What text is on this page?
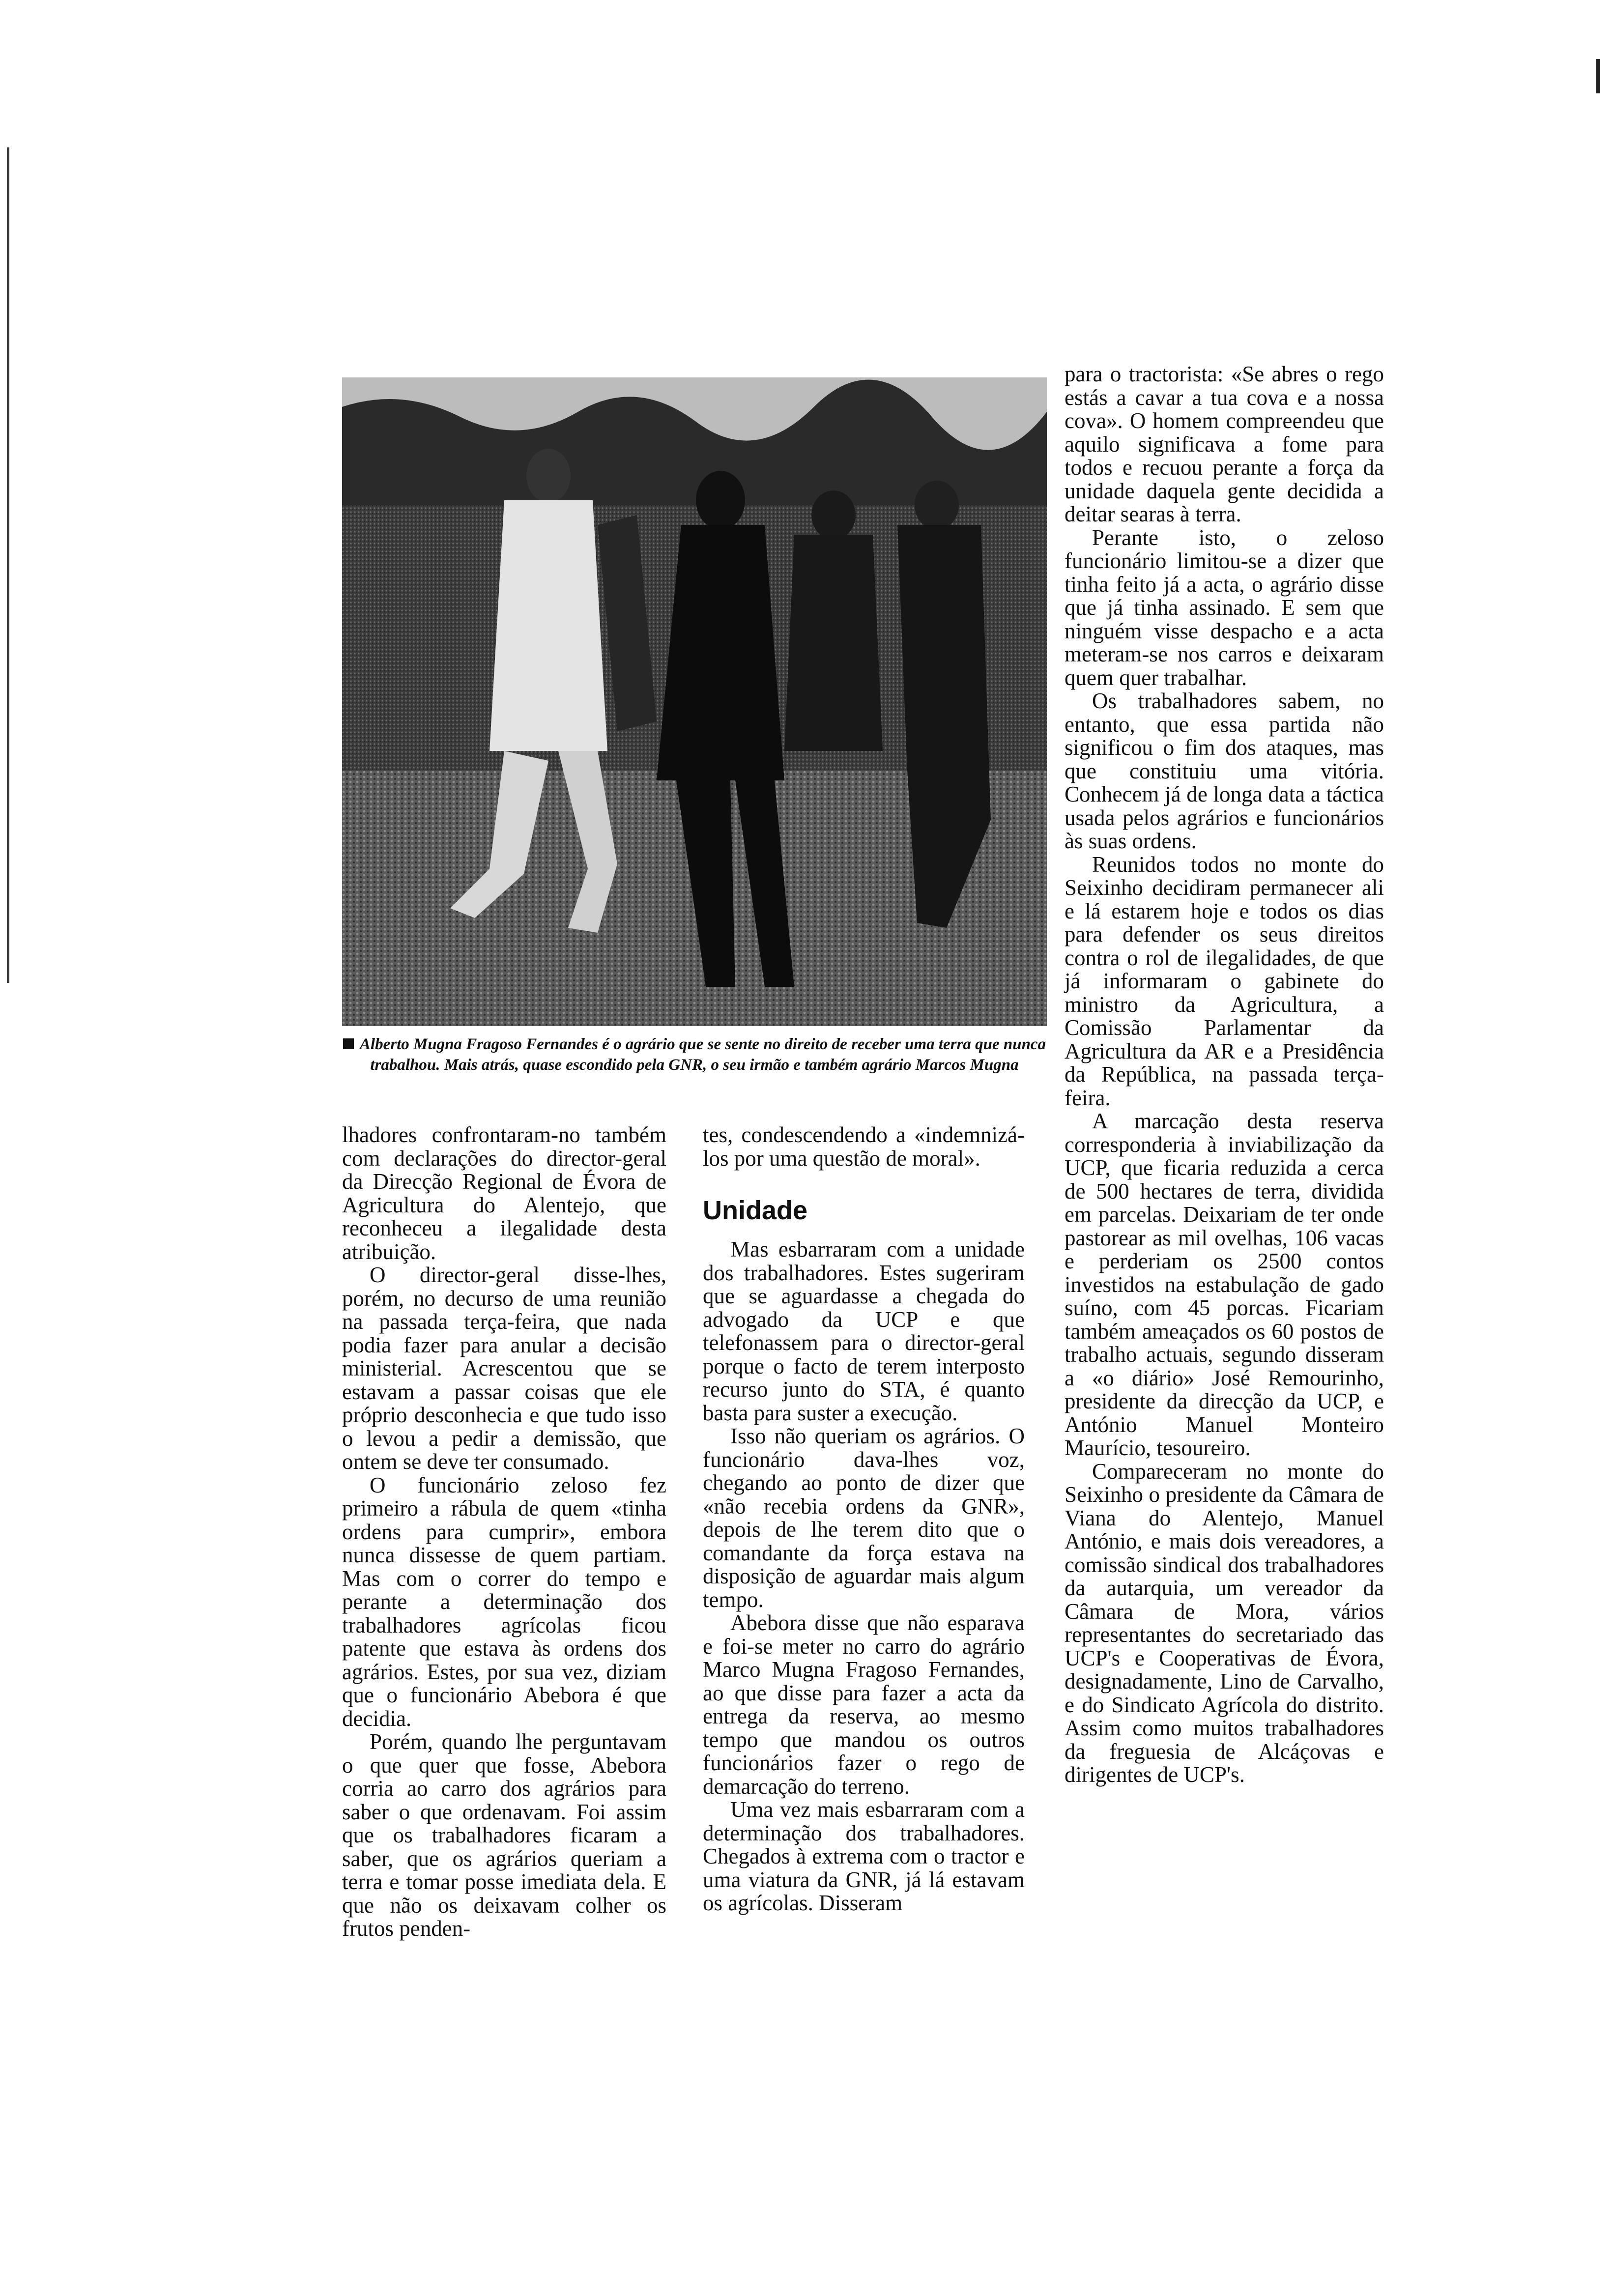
Alberto Mugna Fragoso Fernandes é o agrário que se sente no direito de receber uma terra que nunca trabalhou. Mais atrás, quase escondido pela GNR, o seu irmão e também agrário Marcos Mugna

lhadores confrontaram-no também com declarações do director-geral da Direcção Regional de Évora de Agricultura do Alentejo, que reconheceu a ilegalidade desta atribuição.

O director-geral disse-lhes, porém, no decurso de uma reunião na passada terça-feira, que nada podia fazer para anular a decisão ministerial. Acrescentou que se estavam a passar coisas que ele próprio desconhecia e que tudo isso o levou a pedir a demissão, que ontem se deve ter consumado.

O funcionário zeloso fez primeiro a rábula de quem «tinha ordens para cumprir», embora nunca dissesse de quem partiam. Mas com o correr do tempo e perante a determinação dos trabalhadores agrícolas ficou patente que estava às ordens dos agrários. Estes, por sua vez, diziam que o funcionário Abebora é que decidia.

Porém, quando lhe perguntavam o que quer que fosse, Abebora corria ao carro dos agrários para saber o que ordenavam. Foi assim que os trabalhadores ficaram a saber, que os agrários queriam a terra e tomar posse imediata dela. E que não os deixavam colher os frutos penden-

tes, condescendendo a «indemnizá-los por uma questão de moral».

Unidade

Mas esbarraram com a unidade dos trabalhadores. Estes sugeriram que se aguardasse a chegada do advogado da UCP e que telefonassem para o director-geral porque o facto de terem interposto recurso junto do STA, é quanto basta para suster a execução.

Isso não queriam os agrários. O funcionário dava-lhes voz, chegando ao ponto de dizer que «não recebia ordens da GNR», depois de lhe terem dito que o comandante da força estava na disposição de aguardar mais algum tempo.

Abebora disse que não esparava e foi-se meter no carro do agrário Marco Mugna Fragoso Fernandes, ao que disse para fazer a acta da entrega da reserva, ao mesmo tempo que mandou os outros funcionários fazer o rego de demarcação do terreno.

Uma vez mais esbarraram com a determinação dos trabalhadores. Chegados à extrema com o tractor e uma viatura da GNR, já lá estavam os agrícolas. Disseram

para o tractorista: «Se abres o rego estás a cavar a tua cova e a nossa cova». O homem compreendeu que aquilo significava a fome para todos e recuou perante a força da unidade daquela gente decidida a deitar searas à terra.

Perante isto, o zeloso funcionário limitou-se a dizer que tinha feito já a acta, o agrário disse que já tinha assinado. E sem que ninguém visse despacho e a acta meteram-se nos carros e deixaram quem quer trabalhar.

Os trabalhadores sabem, no entanto, que essa partida não significou o fim dos ataques, mas que constituiu uma vitória. Conhecem já de longa data a táctica usada pelos agrários e funcionários às suas ordens.

Reunidos todos no monte do Seixinho decidiram permanecer ali e lá estarem hoje e todos os dias para defender os seus direitos contra o rol de ilegalidades, de que já informaram o gabinete do ministro da Agricultura, a Comissão Parlamentar da Agricultura da AR e a Presidência da República, na passada terça-feira.

A marcação desta reserva corresponderia à inviabilização da UCP, que ficaria reduzida a cerca de 500 hectares de terra, dividida em parcelas. Deixariam de ter onde pastorear as mil ovelhas, 106 vacas e perderiam os 2500 contos investidos na estabulação de gado suíno, com 45 porcas. Ficariam também ameaçados os 60 postos de trabalho actuais, segundo disseram a «o diário» José Remourinho, presidente da direcção da UCP, e António Manuel Monteiro Maurício, tesoureiro.

Compareceram no monte do Seixinho o presidente da Câmara de Viana do Alentejo, Manuel António, e mais dois vereadores, a comissão sindical dos trabalhadores da autarquia, um vereador da Câmara de Mora, vários representantes do secretariado das UCP's e Cooperativas de Évora, designadamente, Lino de Carvalho, e do Sindicato Agrícola do distrito. Assim como muitos trabalhadores da freguesia de Alcáçovas e dirigentes de UCP's.
